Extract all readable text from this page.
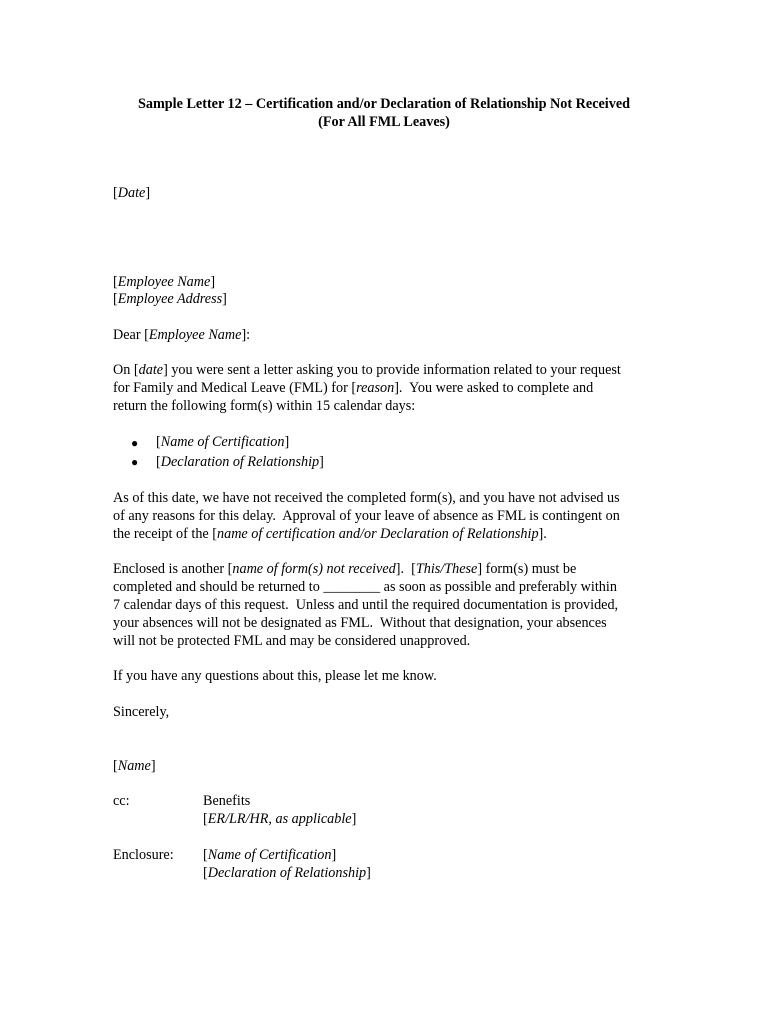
Sample Letter 12 – Certification and/or Declaration of Relationship Not Received
(For All FML Leaves)
[Date]
[Employee Name]
[Employee Address]
Dear [Employee Name]:
On [date] you were sent a letter asking you to provide information related to your request
for Family and Medical Leave (FML) for [reason].  You were asked to complete and
return the following form(s) within 15 calendar days:
● [Name of Certification]
● [Declaration of Relationship]
As of this date, we have not received the completed form(s), and you have not advised us
of any reasons for this delay.  Approval of your leave of absence as FML is contingent on
the receipt of the [name of certification and/or Declaration of Relationship].
Enclosed is another [name of form(s) not received].  [This/These] form(s) must be
completed and should be returned to ________ as soon as possible and preferably within
7 calendar days of this request.  Unless and until the required documentation is provided,
your absences will not be designated as FML.  Without that designation, your absences
will not be protected FML and may be considered unapproved.
If you have any questions about this, please let me know.
Sincerely,
[Name]
cc:	Benefits
[ER/LR/HR, as applicable]
Enclosure: [Name of Certification]
[Declaration of Relationship]
